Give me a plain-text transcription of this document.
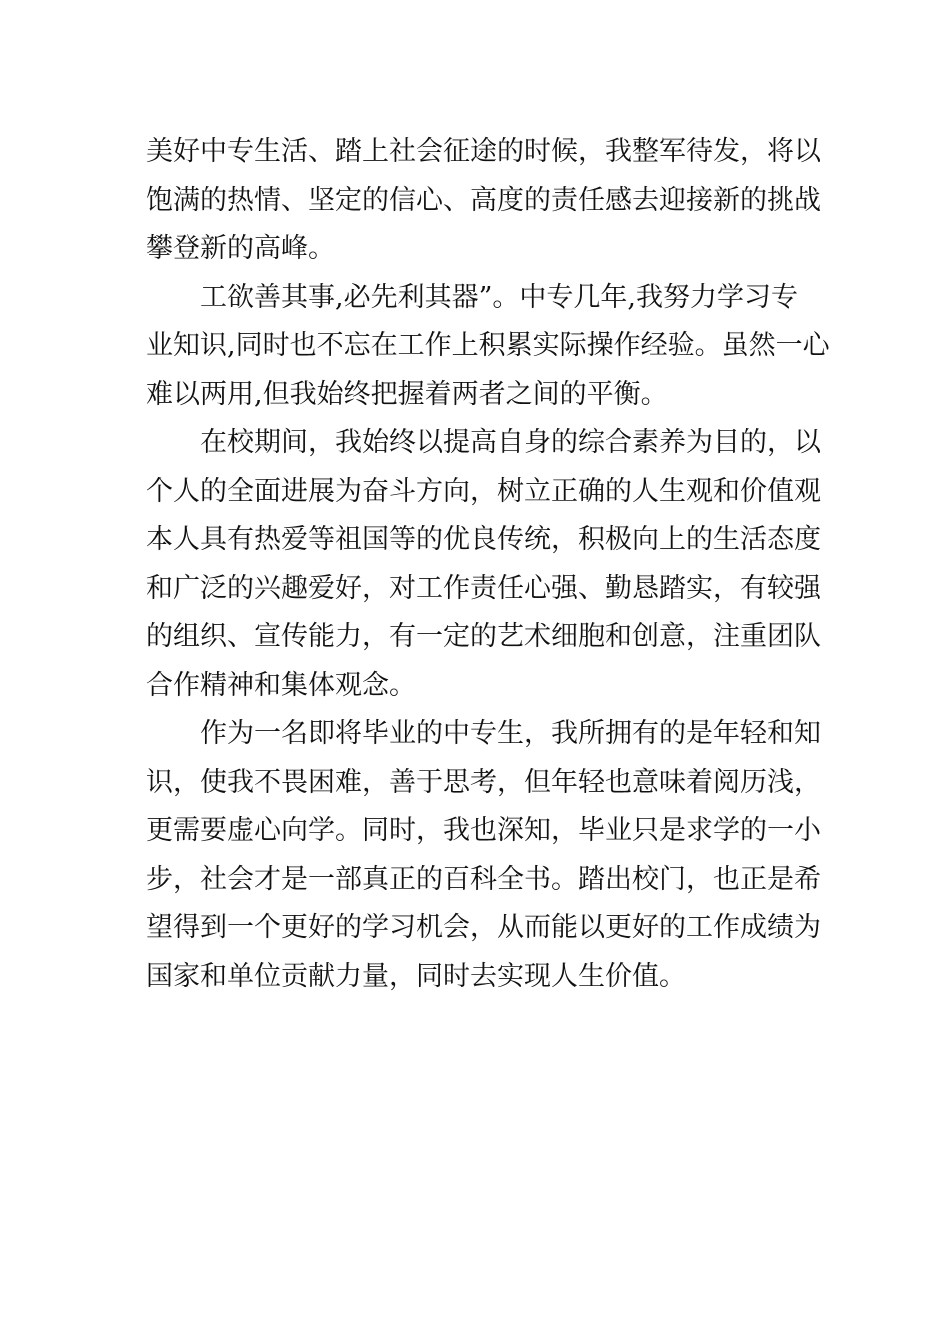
美好中专生活、踏上社会征途的时候，我整军待发，将以
饱满的热情、坚定的信心、高度的责任感去迎接新的挑战
攀登新的高峰。
工欲善其事,必先利其器”。中专几年,我努力学习专
业知识,同时也不忘在工作上积累实际操作经验。虽然一心
难以两用,但我始终把握着两者之间的平衡。
在校期间，我始终以提高自身的综合素养为目的，以
个人的全面进展为奋斗方向，树立正确的人生观和价值观
本人具有热爱等祖国等的优良传统，积极向上的生活态度
和广泛的兴趣爱好，对工作责任心强、勤恳踏实，有较强
的组织、宣传能力，有一定的艺术细胞和创意，注重团队
合作精神和集体观念。
作为一名即将毕业的中专生，我所拥有的是年轻和知
识，使我不畏困难，善于思考，但年轻也意味着阅历浅，
更需要虚心向学。同时，我也深知，毕业只是求学的一小
步，社会才是一部真正的百科全书。踏出校门，也正是希
望得到一个更好的学习机会，从而能以更好的工作成绩为
国家和单位贡献力量，同时去实现人生价值。
